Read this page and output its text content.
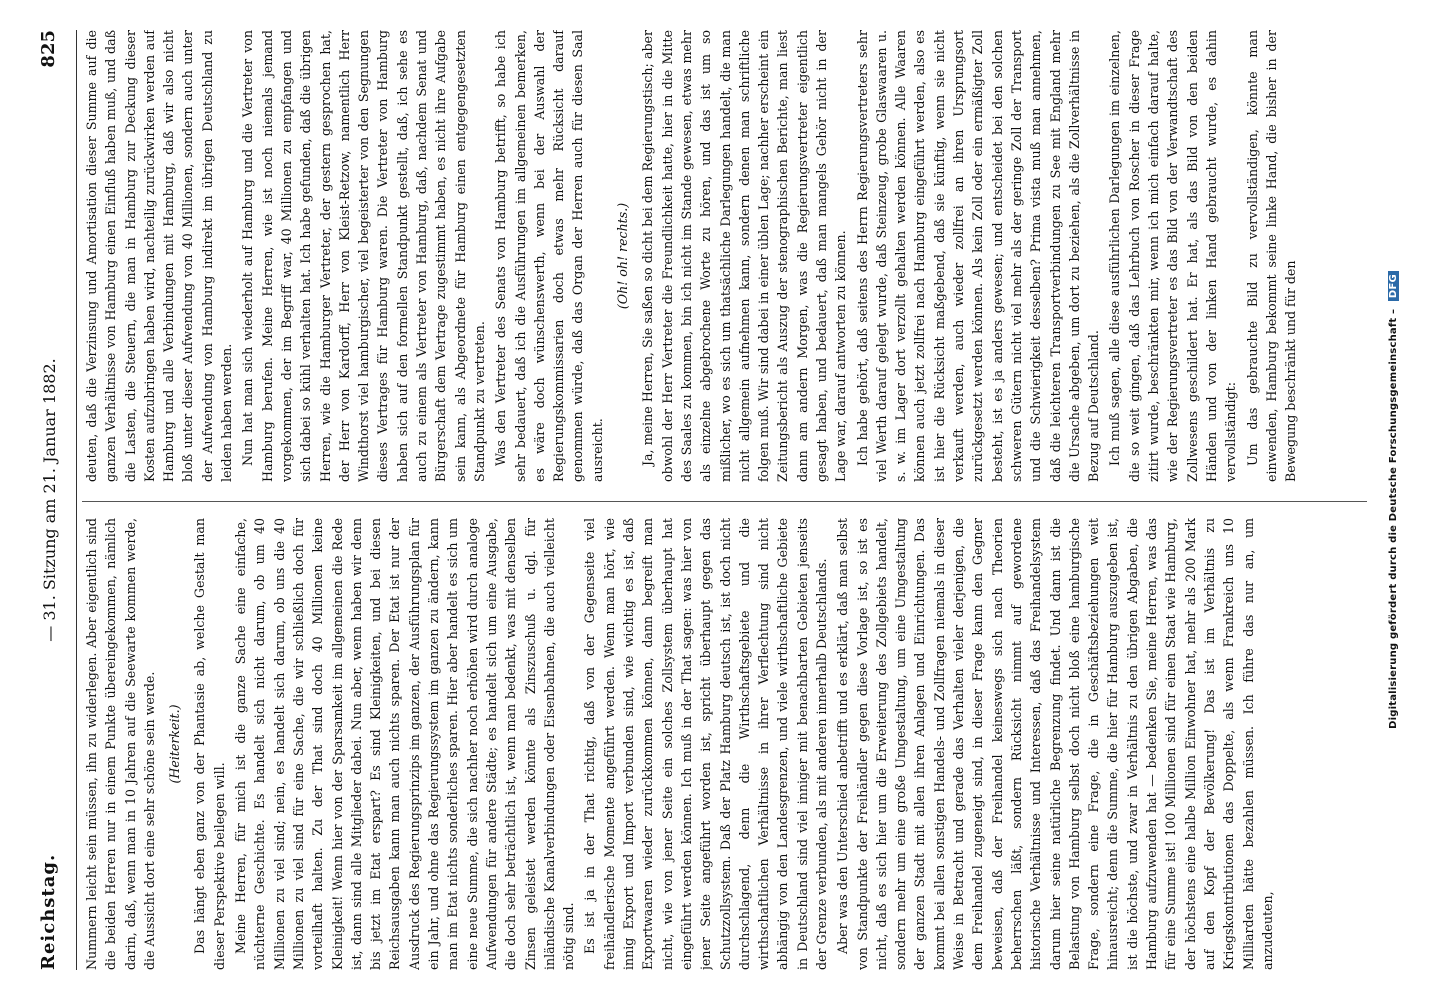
Reichstag.
— 31. Sitzung am 21. Januar 1882.
825

Nummern leicht sein müssen, ihn zu widerlegen. Aber eigentlich sind die beiden Herren nur in einem Punkte übereingekommen, nämlich darin, daß, wenn man in 10 Jahren auf die Seewarte kommen werde, die Aussicht dort eine sehr schöne sein werde. (Heiterkeit.) Das hängt eben ganz von der Phantasie ab, welche Gestalt man dieser Perspektive beilegen will. Meine Herren, für mich ist die ganze Sache eine einfache, nüchterne Geschichte. Es handelt sich nicht darum, ob um 40 Millionen zu viel sind; nein, es handelt sich darum, ob uns die 40 Millionen zu viel sind für eine Sache, die wir schließlich doch für vorteilhaft halten. Zu der That sind doch 40 Millionen keine Kleinigkeit! Wenn hier von der Sparsamkeit im allgemeinen die Rede ist, dann sind alle Mitglieder dabei. Nun aber, wenn haben wir denn bis jetzt im Etat erspart? Es sind Kleinigkeiten, und bei diesen Reichsausgaben kann man auch nichts sparen. Der Etat ist nur der Ausdruck des Regierungsprinzips im ganzen, der Ausführungsplan für ein Jahr, und ohne das Regierungssystem im ganzen zu ändern, kann man im Etat nichts sonderliches sparen. Hier aber handelt es sich um eine neue Summe, die sich nachher noch erhöhen wird durch analoge Aufwendungen für andere Städte; es handelt sich um eine Ausgabe, die doch sehr beträchtlich ist, wenn man bedenkt, was mit denselben Zinsen geleistet werden könnte als Zinszuschuß u. dgl. für inländische Kanalverbindungen oder Eisenbahnen, die auch vielleicht nötig sind. Es ist ja in der That richtig, daß von der Gegenseite viel freihändlerische Momente angeführt werden. Wenn man hört, wie innig Export und Import verbunden sind, wie wichtig es ist, daß Exportwaaren wieder zurückkommen können, dann begreift man nicht, wie von jener Seite ein solches Zollsystem überhaupt hat eingeführt werden können. Ich muß in der That sagen: was hier von jener Seite angeführt worden ist, spricht überhaupt gegen das Schutzzollsystem. Daß der Platz Hamburg deutsch ist, ist doch nicht durchschlagend, denn die Wirthschaftsgebiete und die wirthschaftlichen Verhältnisse in ihrer Verflechtung sind nicht abhängig von den Landesgrenzen, und viele wirthschaftliche Gebiete in Deutschland sind viel inniger mit benachbarten Gebieten jenseits der Grenze verbunden, als mit anderen innerhalb Deutschlands. Aber was den Unterschied anbetrifft und es erklärt, daß man selbst von Standpunkte der Freihändler gegen diese Vorlage ist, so ist es nicht, daß es sich hier um die Erweiterung des Zollgebiets handelt, sondern mehr um eine große Umgestaltung, um eine Umgestaltung der ganzen Stadt mit allen ihren Anlagen und Einrichtungen. Das kommt bei allen sonstigen Handels- und Zollfragen niemals in dieser Weise in Betracht und gerade das Verhalten vieler derjenigen, die dem Freihandel zugeneigt sind, in dieser Frage kann den Gegner beweisen, daß der Freihandel keineswegs sich nach Theorien beherrschen läßt, sondern Rücksicht nimmt auf gewordene historische Verhältnisse und Interessen, daß das Freihandelsystem darum hier seine natürliche Begrenzung findet. Und dann ist die Belastung von Hamburg selbst doch nicht bloß eine hamburgische Frage, sondern eine Frage, die in Geschäftsbeziehungen weit hinausreicht; denn die Summe, die hier für Hamburg auszugeben ist, ist die höchste, und zwar in Verhältnis zu den übrigen Abgaben, die Hamburg aufzuwenden hat — bedenken Sie, meine Herren, was das für eine Summe ist! 100 Millionen sind für einen Staat wie Hamburg, der höchstens eine halbe Million Einwohner hat, mehr als 200 Mark auf den Kopf der Bevölkerung! Das ist im Verhältnis zu Kriegskontributionen das Doppelte, als wenn Frankreich uns 10 Milliarden hätte bezahlen müssen. Ich führe das nur an, um anzudeuten,

deuten, daß die Verzinsung und Amortisation dieser Summe auf die ganzen Verhältnisse von Hamburg einen Einfluß haben muß, und daß die Lasten, die Steuern, die man in Hamburg zur Deckung dieser Kosten aufzubringen haben wird, nachteilig zurückwirken werden auf Hamburg und alle Verbindungen mit Hamburg, daß wir also nicht bloß unter dieser Aufwendung von 40 Millionen, sondern auch unter der Aufwendung von Hamburg indirekt im übrigen Deutschland zu leiden haben werden. Nun hat man sich wiederholt auf Hamburg und die Vertreter von Hamburg berufen. Meine Herren, wie ist noch niemals jemand vorgekommen, der im Begriff war, 40 Millionen zu empfangen und sich dabei so kühl verhalten hat. Ich habe gefunden, daß die übrigen Herren, wie die Hamburger Vertreter, der gestern gesprochen hat, der Herr von Kardorff, Herr von Kleist-Retzow, namentlich Herr Windthorst viel hamburgischer, viel begeisterter von den Segnungen dieses Vertrages für Hamburg waren. Die Vertreter von Hamburg haben sich auf den formellen Standpunkt gestellt, daß, ich sehe es auch zu einem als Vertreter von Hamburg, daß, nachdem Senat und Bürgerschaft dem Vertrage zugestimmt haben, es nicht ihre Aufgabe sein kann, als Abgeordnete für Hamburg einen entgegengesetzten Standpunkt zu vertreten. Was den Vertreter des Senats von Hamburg betrifft, so habe ich sehr bedauert, daß ich die Ausführungen im allgemeinen bemerken, es wäre doch wünschenswerth, wenn bei der Auswahl der Regierungskommissarien doch etwas mehr Rücksicht darauf genommen würde, daß das Organ der Herren auch für diesen Saal ausreicht.

(Oh! oh! rechts.) Ja, meine Herren, Sie saßen so dicht bei dem Regierungstisch; aber obwohl der Herr Vertreter die Freundlichkeit hatte, hier in die Mitte des Saales zu kommen, bin ich nicht im Stande gewesen, etwas mehr als einzelne abgebrochene Worte zu hören, und das ist um so mißlicher, wo es sich um thatsächliche Darlegungen handelt, die man nicht allgemein aufnehmen kann, sondern denen man schriftliche folgen muß. Wir sind dabei in einer üblen Lage; nachher erscheint ein Zeitungsbericht als Auszug der stenographischen Berichte, man liest dann am andern Morgen, was die Regierungsvertreter eigentlich gesagt haben, und bedauert, daß man mangels Gehör nicht in der Lage war, darauf antworten zu können. Ich habe gehört, daß seitens des Herrn Regierungsvertreters sehr viel Werth darauf gelegt wurde, daß Steinzeug, grobe Glaswaaren u. s. w. im Lager dort verzollt gehalten werden können. Alle Waaren können auch jetzt zollfrei nach Hamburg eingeführt werden, also es ist hier die Rücksicht maßgebend, daß sie künftig, wenn sie nicht verkauft werden, auch wieder zollfrei an ihren Ursprungsort zurückgesetzt werden können. Als kein Zoll oder ein ermäßigter Zoll besteht, ist es ja anders gewesen; und entscheidet bei den solchen schweren Gütern nicht viel mehr als der geringe Zoll der Transport und die Schwierigkeit desselben? Prima vista muß man annehmen, daß die leichteren Transportverbindungen zu See mit England mehr die Ursache abgeben, um dort zu beziehen, als die Zollverhältnisse in Bezug auf Deutschland. Ich muß sagen, alle diese ausführlichen Darlegungen im einzelnen, die so weit gingen, daß das Lehrbuch von Roscher in dieser Frage zitirt wurde, beschränkten mir, wenn ich mich einfach darauf halte, wie der Regierungsvertreter es das Bild von der Verwandtschaft des Zollwesens geschildert hat. Er hat, als das Bild von den beiden Händen und von der linken Hand gebraucht wurde, es dahin vervollständigt: Um das gebrauchte Bild zu vervollständigen, könnte man einwenden, Hamburg bekommt seine linke Hand, die bisher in der Bewegung beschränkt und für den	Digitalisierung gefördert durch die Deutsche Forschungsgemeinschaft – DFG
